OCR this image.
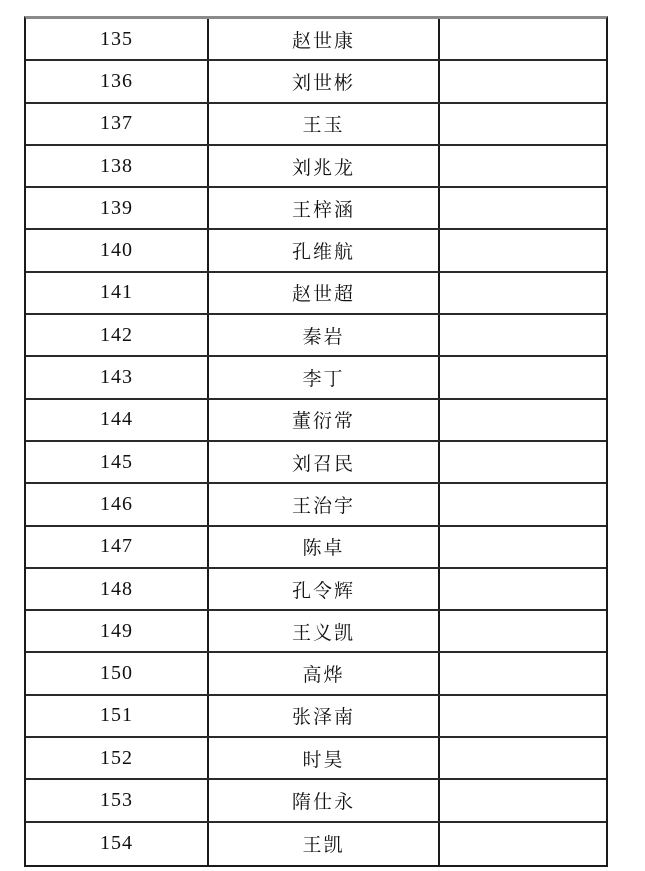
135	赵世康
136	刘世彬
137	王玉
138	刘兆龙
139	王梓涵
140	孔维航
141	赵世超
142	秦岩
143	李丁
144	董衍常
145	刘召民
146	王治宇
147	陈卓
148	孔令辉
149	王义凯
150	高烨
151	张泽南
152	时昊
153	隋仕永
154	王凯
